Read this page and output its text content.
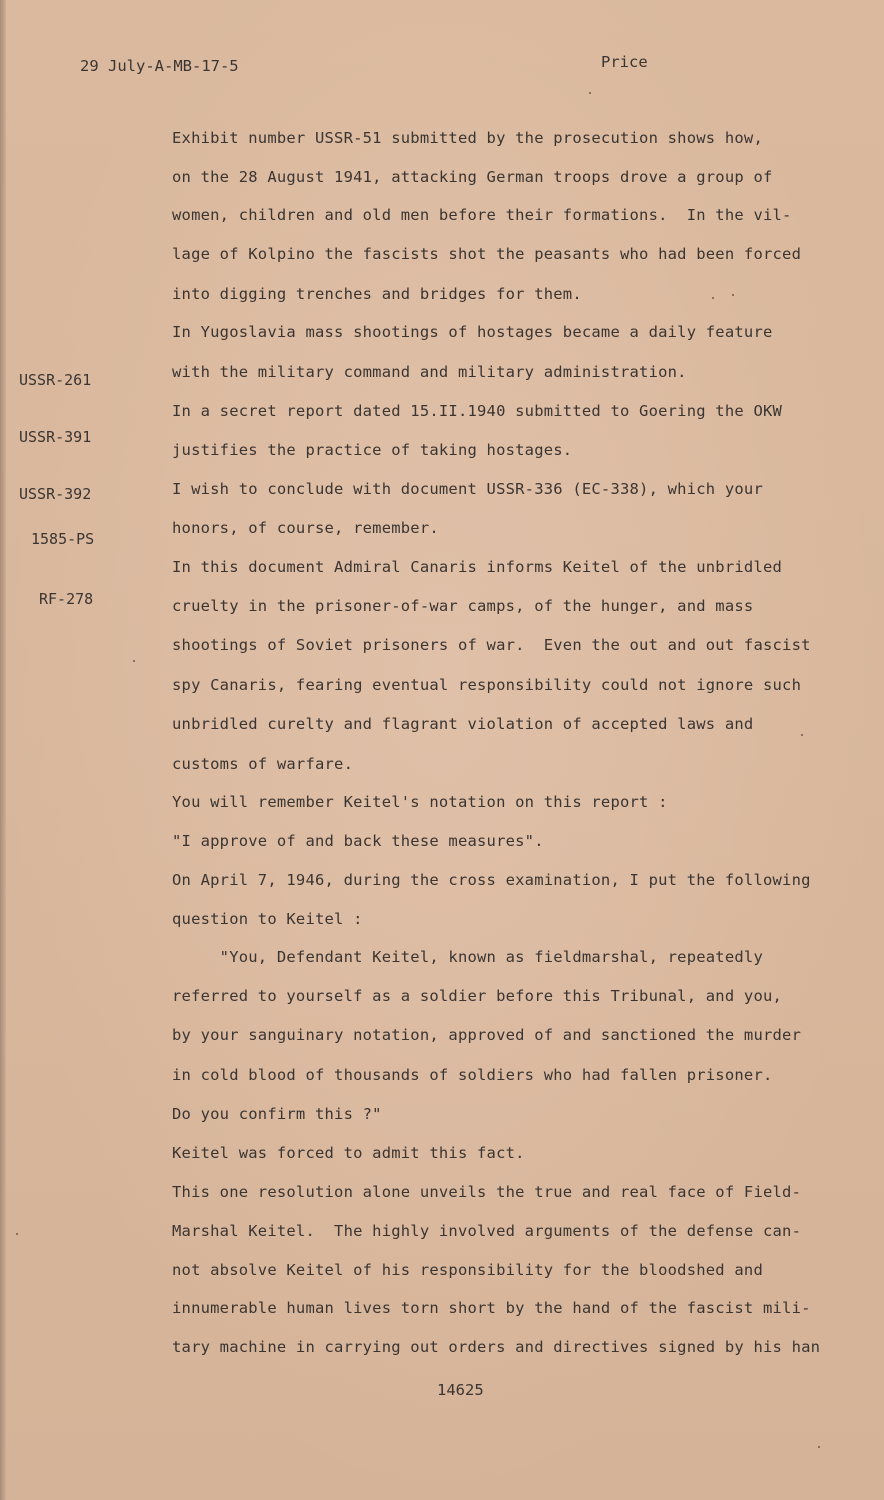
29 July-A-MB-17-5	Price

USSR-261

USSR-391

USSR-392

1585-PS

RF-278

Exhibit number USSR-51 submitted by the prosecution shows how,
on the 28 August 1941, attacking German troops drove a group of
women, children and old men before their formations.  In the vil-
lage of Kolpino the fascists shot the peasants who had been forced
into digging trenches and bridges for them.
In Yugoslavia mass shootings of hostages became a daily feature
with the military command and military administration.
In a secret report dated 15.II.1940 submitted to Goering the OKW
justifies the practice of taking hostages.
I wish to conclude with document USSR-336 (EC-338), which your
honors, of course, remember.
In this document Admiral Canaris informs Keitel of the unbridled
cruelty in the prisoner-of-war camps, of the hunger, and mass
shootings of Soviet prisoners of war.  Even the out and out fascist
spy Canaris, fearing eventual responsibility could not ignore such
unbridled curelty and flagrant violation of accepted laws and
customs of warfare.
You will remember Keitel's notation on this report :
"I approve of and back these measures".
On April 7, 1946, during the cross examination, I put the following
question to Keitel :
"You, Defendant Keitel, known as fieldmarshal, repeatedly
referred to yourself as a soldier before this Tribunal, and you,
by your sanguinary notation, approved of and sanctioned the murder
in cold blood of thousands of soldiers who had fallen prisoner.
Do you confirm this ?"
Keitel was forced to admit this fact.
This one resolution alone unveils the true and real face of Field-
Marshal Keitel.  The highly involved arguments of the defense can-
not absolve Keitel of his responsibility for the bloodshed and
innumerable human lives torn short by the hand of the fascist mili-
tary machine in carrying out orders and directives signed by his han
14625
